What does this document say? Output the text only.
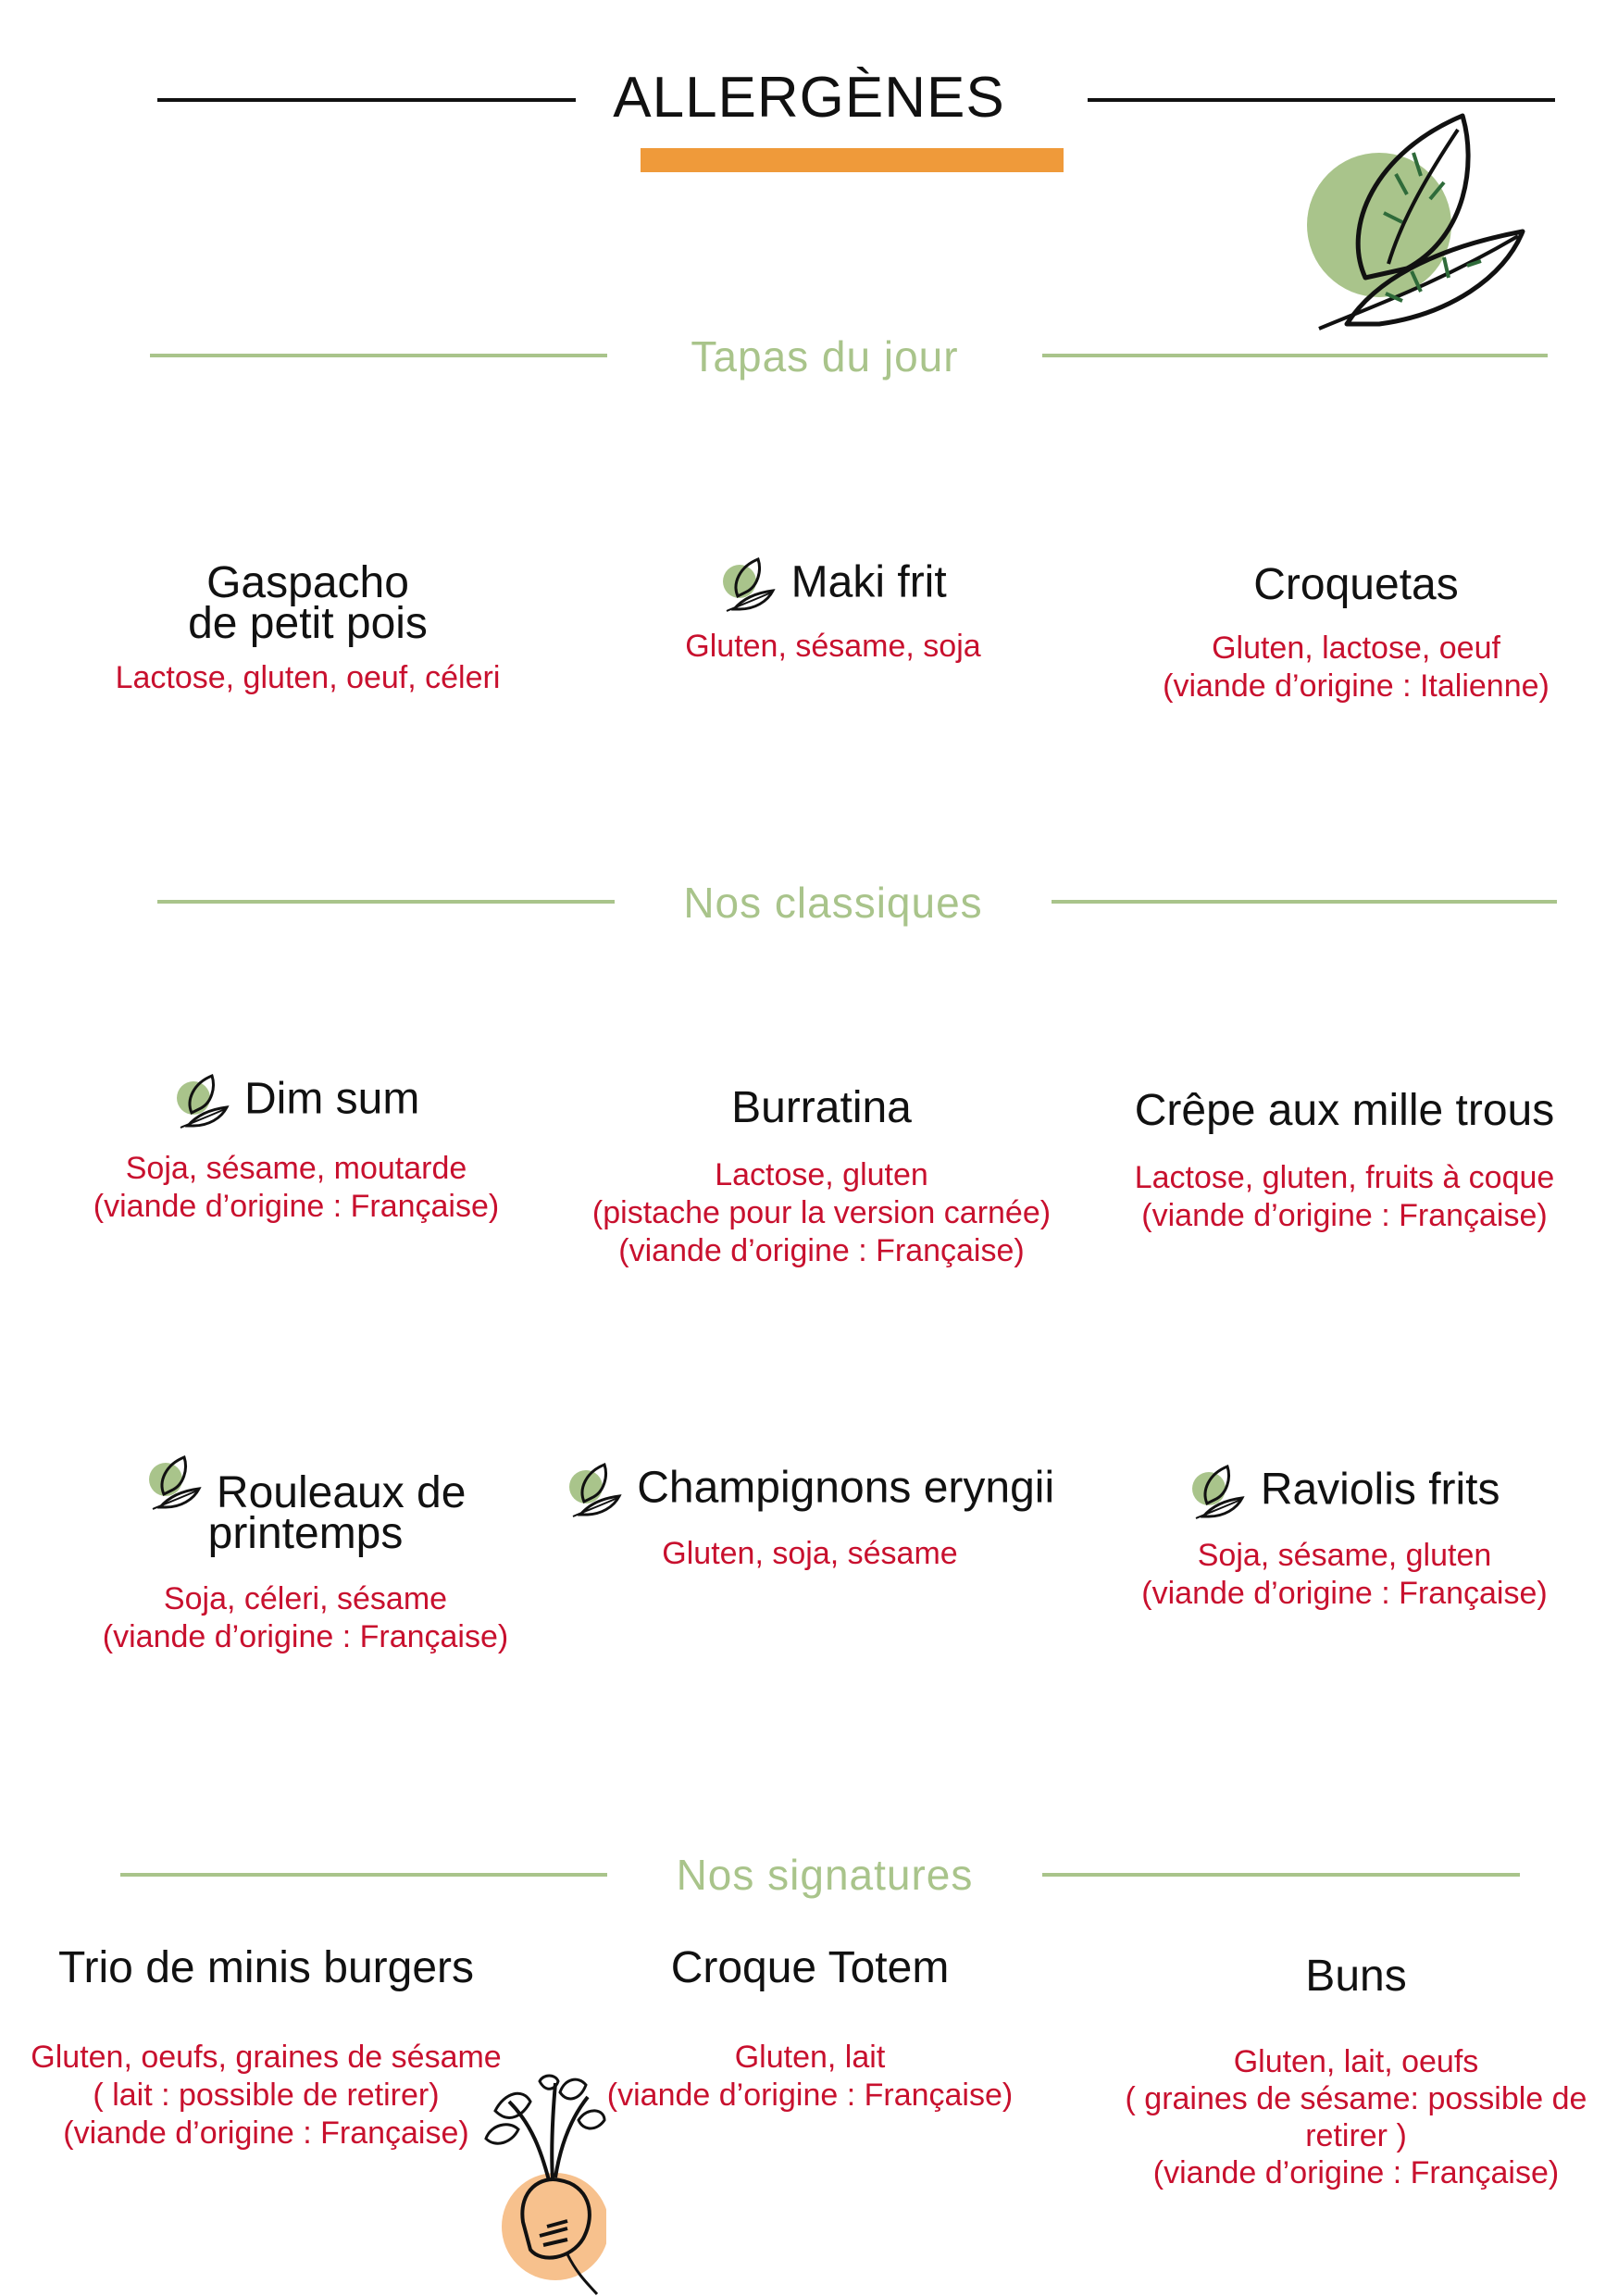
ALLERGÈNES
Tapas du jour
Gaspacho
de petit pois
Lactose, gluten, oeuf, céleri
Maki frit
Gluten, sésame, soja
Croquetas
Gluten, lactose, oeuf
(viande d’origine : Italienne)
Nos classiques
Dim sum
Soja, sésame, moutarde
(viande d’origine : Française)
Burratina
Lactose, gluten
(pistache pour la version carnée)
(viande d’origine : Française)
Crêpe aux mille trous
Lactose, gluten, fruits à coque
(viande d’origine : Française)
Rouleaux de
printemps
Soja, céleri, sésame
(viande d’origine : Française)
Champignons eryngii
Gluten, soja, sésame
Raviolis frits
Soja, sésame, gluten
(viande d’origine : Française)
Nos signatures
Trio de minis burgers
Gluten, oeufs, graines de sésame
( lait : possible de retirer)
(viande d’origine : Française)
Croque Totem
Gluten, lait
(viande d’origine : Française)
Buns
Gluten, lait, oeufs
( graines de sésame: possible de
retirer )
(viande d’origine : Française)
